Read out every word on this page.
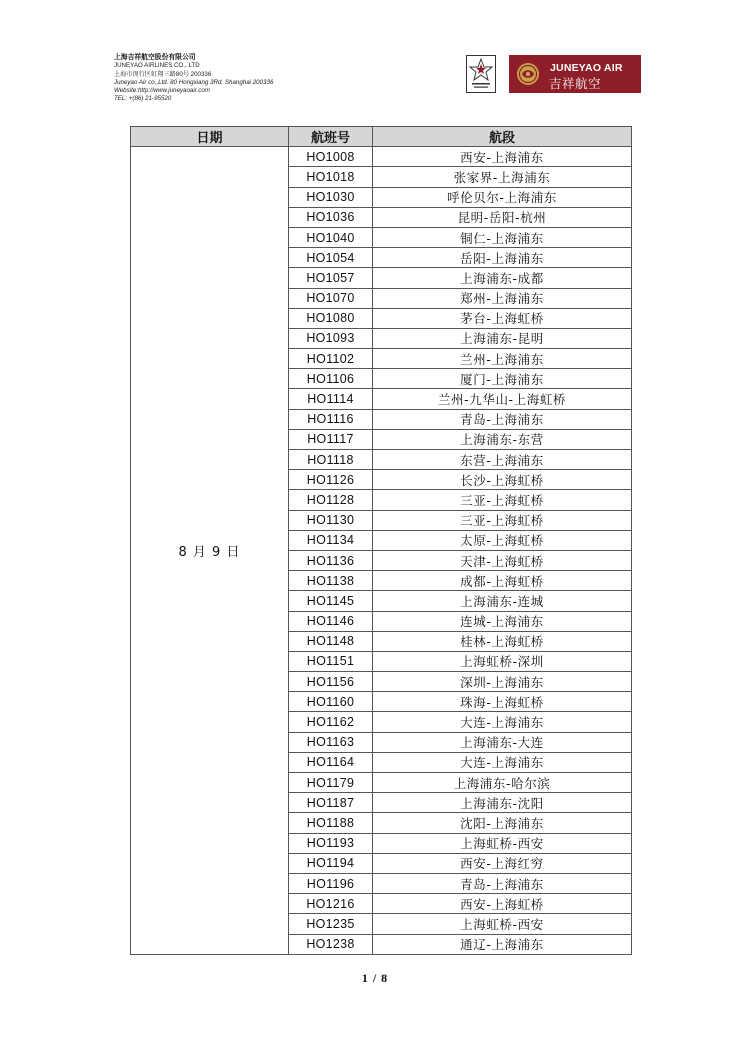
上海吉祥航空股份有限公司
JUNEYAO AIRLINES CO., LTD
上海市闵行区虹翔三路80号 200336
Juneyao Air co.,Ltd. 80 Hongxiang 3Rd, Shanghai 200336
Website:http://www.juneyaoair.com
TEL: +(86) 21-95520
JUNEYAO AIR
吉祥航空
日期	航班号	航段
8 月 9 日	HO1008	西安-上海浦东
	HO1018	张家界-上海浦东
	HO1030	呼伦贝尔-上海浦东
	HO1036	昆明-岳阳-杭州
	HO1040	铜仁-上海浦东
	HO1054	岳阳-上海浦东
	HO1057	上海浦东-成都
	HO1070	郑州-上海浦东
	HO1080	茅台-上海虹桥
	HO1093	上海浦东-昆明
	HO1102	兰州-上海浦东
	HO1106	厦门-上海浦东
	HO1114	兰州-九华山-上海虹桥
	HO1116	青岛-上海浦东
	HO1117	上海浦东-东营
	HO1118	东营-上海浦东
	HO1126	长沙-上海虹桥
	HO1128	三亚-上海虹桥
	HO1130	三亚-上海虹桥
	HO1134	太原-上海虹桥
	HO1136	天津-上海虹桥
	HO1138	成都-上海虹桥
	HO1145	上海浦东-连城
	HO1146	连城-上海浦东
	HO1148	桂林-上海虹桥
	HO1151	上海虹桥-深圳
	HO1156	深圳-上海浦东
	HO1160	珠海-上海虹桥
	HO1162	大连-上海浦东
	HO1163	上海浦东-大连
	HO1164	大连-上海浦东
	HO1179	上海浦东-哈尔滨
	HO1187	上海浦东-沈阳
	HO1188	沈阳-上海浦东
	HO1193	上海虹桥-西安
	HO1194	西安-上海红穷
	HO1196	青岛-上海浦东
	HO1216	西安-上海虹桥
	HO1235	上海虹桥-西安
	HO1238	通辽-上海浦东
1 / 8
